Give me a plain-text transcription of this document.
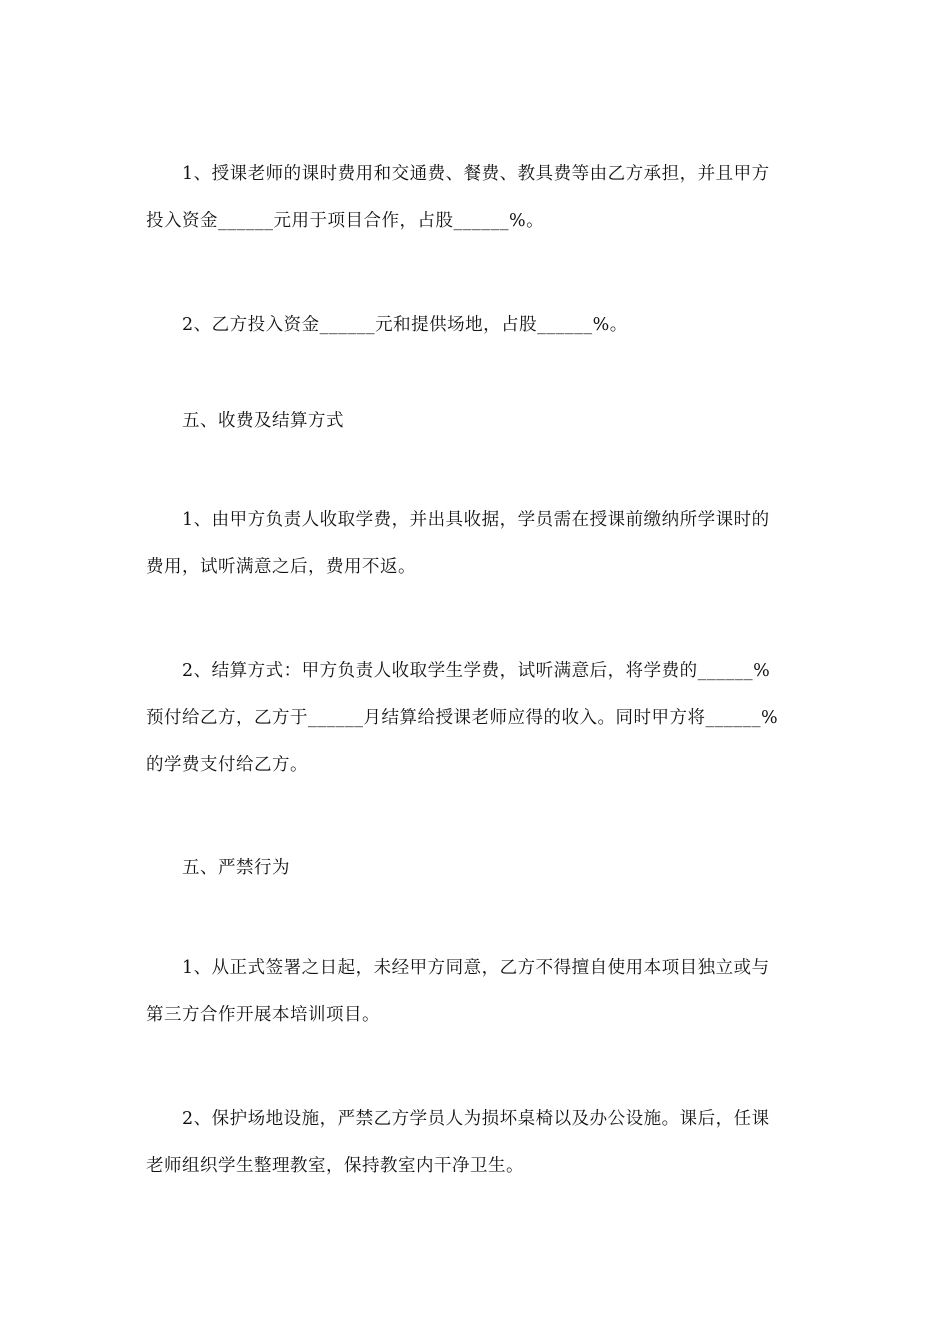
1、授课老师的课时费用和交通费、餐费、教具费等由乙方承担，并且甲方
投入资金______元用于项目合作，占股______%。
2、乙方投入资金______元和提供场地，占股______%。
五、收费及结算方式
1、由甲方负责人收取学费，并出具收据，学员需在授课前缴纳所学课时的
费用，试听满意之后，费用不返。
2、结算方式：甲方负责人收取学生学费，试听满意后，将学费的______%
预付给乙方，乙方于______月结算给授课老师应得的收入。同时甲方将______%
的学费支付给乙方。
五、严禁行为
1、从正式签署之日起，未经甲方同意，乙方不得擅自使用本项目独立或与
第三方合作开展本培训项目。
2、保护场地设施，严禁乙方学员人为损坏桌椅以及办公设施。课后，任课
老师组织学生整理教室，保持教室内干净卫生。
